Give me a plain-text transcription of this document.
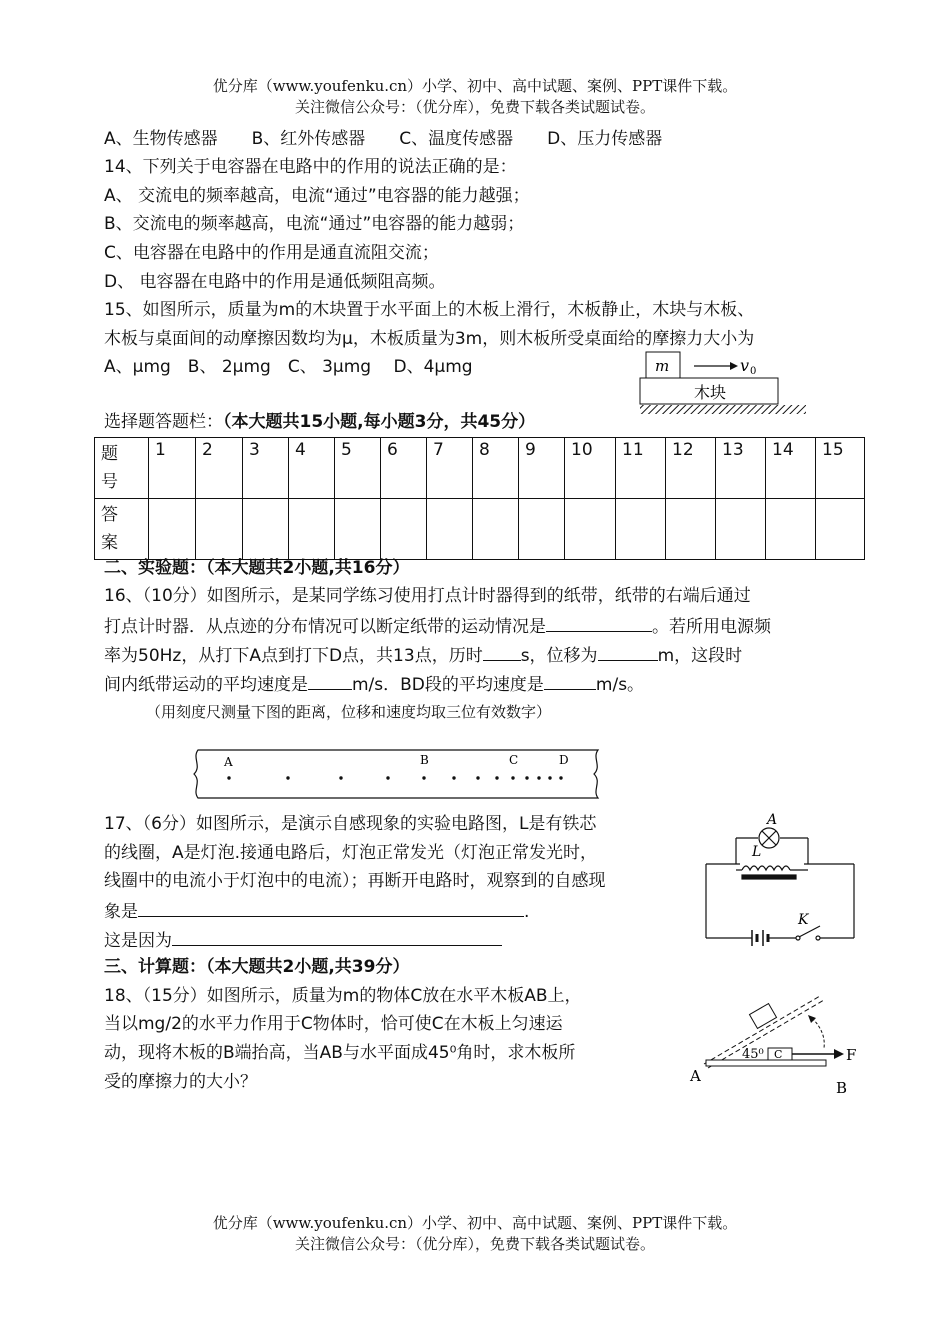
优分库（www.youfenku.cn）小学、初中、高中试题、案例、PPT课件下载。
关注微信公众号：（优分库），免费下载各类试题试卷。
A、生物传感器　　B、红外传感器　　C、温度传感器　　D、压力传感器
14、下列关于电容器在电路中的作用的说法正确的是：
A、 交流电的频率越高，电流“通过”电容器的能力越强；
B、交流电的频率越高，电流“通过”电容器的能力越弱；
C、电容器在电路中的作用是通直流阻交流；
D、 电容器在电路中的作用是通低频阻高频。
15、如图所示，质量为m的木块置于水平面上的木板上滑行，木板静止，木块与木板、
木板与桌面间的动摩擦因数均为μ，木板质量为3m，则木板所受桌面给的摩擦力大小为
A、μmg　B、 2μmg　C、 3μmg　 D、4μmg	m	v 0
木块
选择题答题栏：（本大题共15小题,每小题3分，共45分）
题
号	1	2	3	4	5	6	7	8	9	10	11	12	13	14	15
答
案															
二、实验题：（本大题共2小题,共16分）
16、（10分）如图所示，是某同学练习使用打点计时器得到的纸带，纸带的右端后通过
打点计时器．从点迹的分布情况可以断定纸带的运动情况是	。若所用电源频
率为50Hz，从打下A点到打下D点，共13点，历时 s，位移为	m，这段时
间内纸带运动的平均速度是	m/s．BD段的平均速度是	m/s。
（用刻度尺测量下图的距离，位移和速度均取三位有效数字）
A	B	C	D
17、（6分）如图所示，是演示自感现象的实验电路图，L是有铁芯
的线圈，A是灯泡.接通电路后，灯泡正常发光（灯泡正常发光时，
线圈中的电流小于灯泡中的电流）；再断开电路时，观察到的自感现
象是	.
这是因为
A
L
K
三、计算题：（本大题共2小题,共39分）
18、（15分）如图所示，质量为m的物体C放在水平木板AB上，
当以mg/2的水平力作用于C物体时，恰可使C在木板上匀速运
动，现将木板的B端抬高，当AB与水平面成45⁰角时，求木板所
受的摩擦力的大小？
C
45⁰	F
A
B
优分库（www.youfenku.cn）小学、初中、高中试题、案例、PPT课件下载。
关注微信公众号：（优分库），免费下载各类试题试卷。
